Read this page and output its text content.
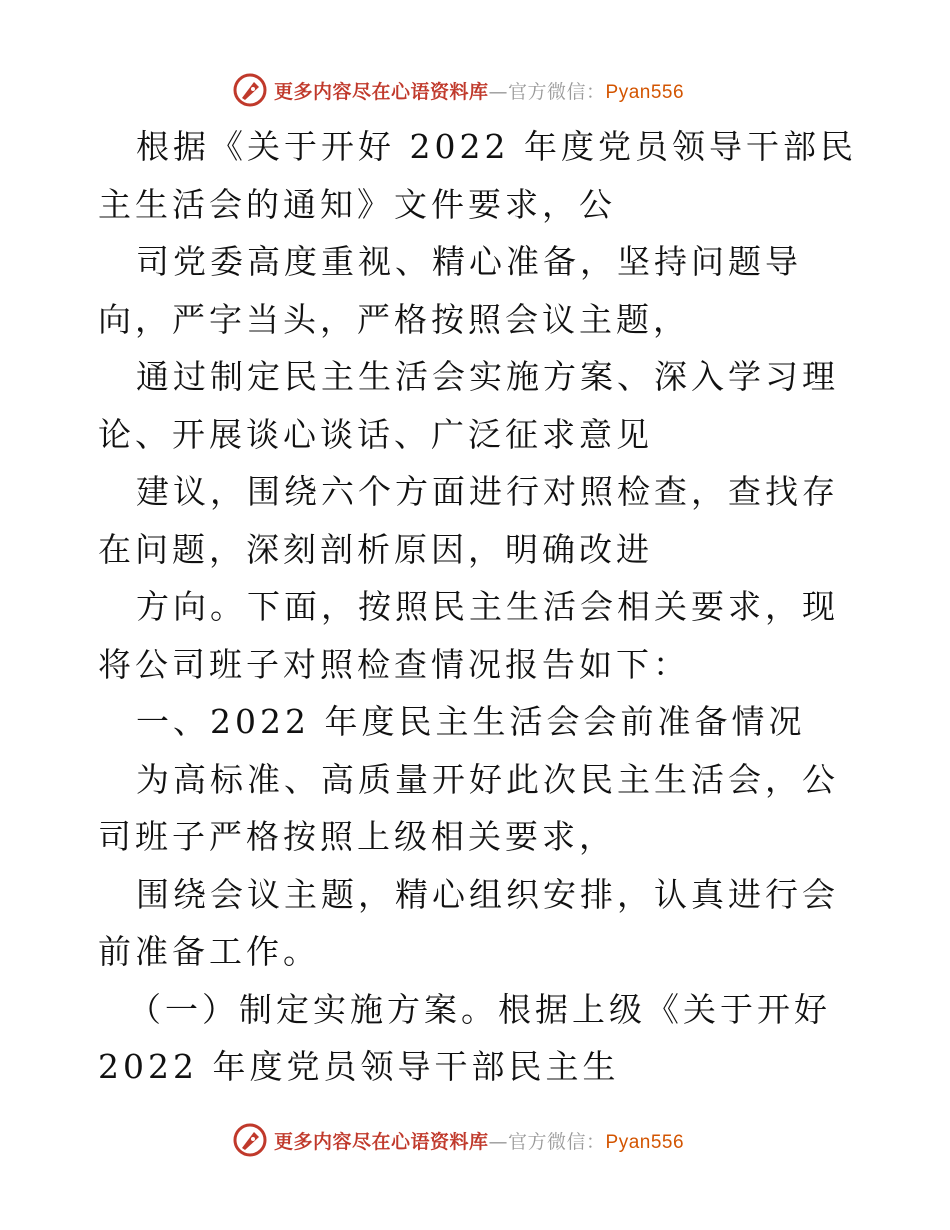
更多内容尽在心语资料库—官方微信：Pyan556

根据《关于开好 2022 年度党员领导干部民主生活会的通知》文件要求，公

司党委高度重视、精心准备，坚持问题导向，严字当头，严格按照会议主题，

通过制定民主生活会实施方案、深入学习理论、开展谈心谈话、广泛征求意见

建议，围绕六个方面进行对照检查，查找存在问题，深刻剖析原因，明确改进

方向。下面，按照民主生活会相关要求，现将公司班子对照检查情况报告如下：

一、2022 年度民主生活会会前准备情况

为高标准、高质量开好此次民主生活会，公司班子严格按照上级相关要求，

围绕会议主题，精心组织安排，认真进行会前准备工作。

（一）制定实施方案。根据上级《关于开好

2022 年度党员领导干部民主生

更多内容尽在心语资料库—官方微信：Pyan556
